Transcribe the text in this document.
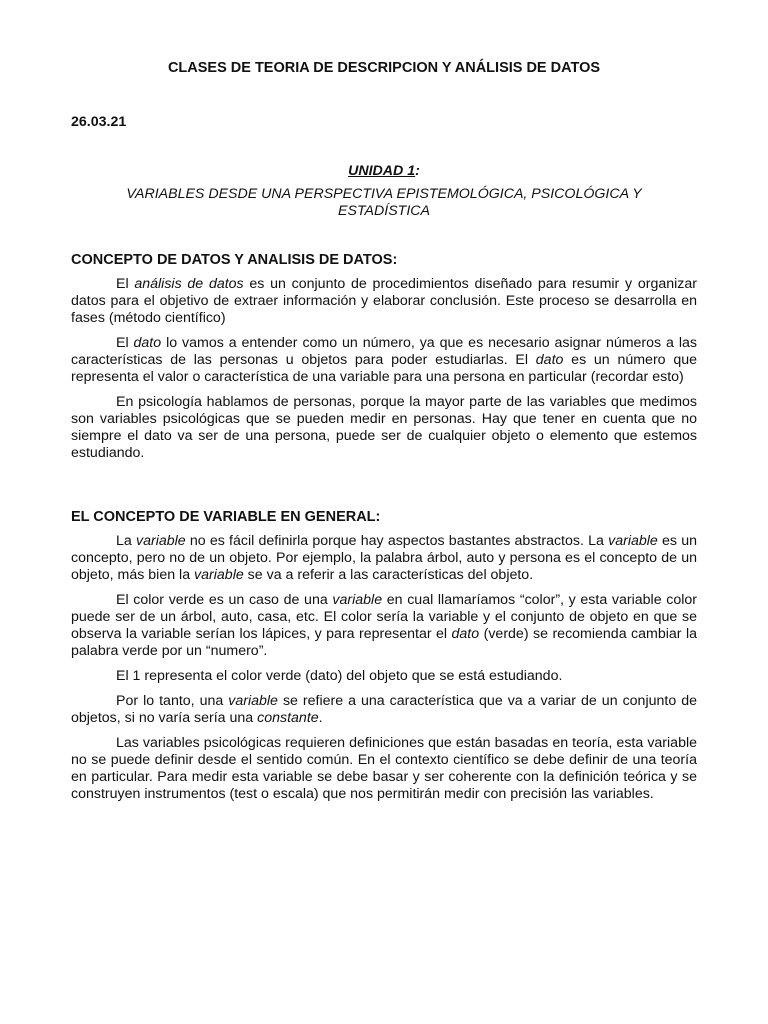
CLASES DE TEORIA DE DESCRIPCION Y ANÁLISIS DE DATOS
26.03.21
UNIDAD 1:
VARIABLES DESDE UNA PERSPECTIVA EPISTEMOLÓGICA, PSICOLÓGICA Y ESTADÍSTICA
CONCEPTO DE DATOS Y ANALISIS DE DATOS:

El análisis de datos es un conjunto de procedimientos diseñado para resumir y organizar datos para el objetivo de extraer información y elaborar conclusión. Este proceso se desarrolla en fases (método científico)

El dato lo vamos a entender como un número, ya que es necesario asignar números a las características de las personas u objetos para poder estudiarlas. El dato es un número que representa el valor o característica de una variable para una persona en particular (recordar esto)

En psicología hablamos de personas, porque la mayor parte de las variables que medimos son variables psicológicas que se pueden medir en personas. Hay que tener en cuenta que no siempre el dato va ser de una persona, puede ser de cualquier objeto o elemento que estemos estudiando.

EL CONCEPTO DE VARIABLE EN GENERAL:

La variable no es fácil definirla porque hay aspectos bastantes abstractos. La variable es un concepto, pero no de un objeto. Por ejemplo, la palabra árbol, auto y persona es el concepto de un objeto, más bien la variable se va a referir a las características del objeto.

El color verde es un caso de una variable en cual llamaríamos “color”, y esta variable color puede ser de un árbol, auto, casa, etc. El color sería la variable y el conjunto de objeto en que se observa la variable serían los lápices, y para representar el dato (verde) se recomienda cambiar la palabra verde por un “numero”.

El 1 representa el color verde (dato) del objeto que se está estudiando.

Por lo tanto, una variable se refiere a una característica que va a variar de un conjunto de objetos, si no varía sería una constante.

Las variables psicológicas requieren definiciones que están basadas en teoría, esta variable no se puede definir desde el sentido común. En el contexto científico se debe definir de una teoría en particular. Para medir esta variable se debe basar y ser coherente con la definición teórica y se construyen instrumentos (test o escala) que nos permitirán medir con precisión las variables.
